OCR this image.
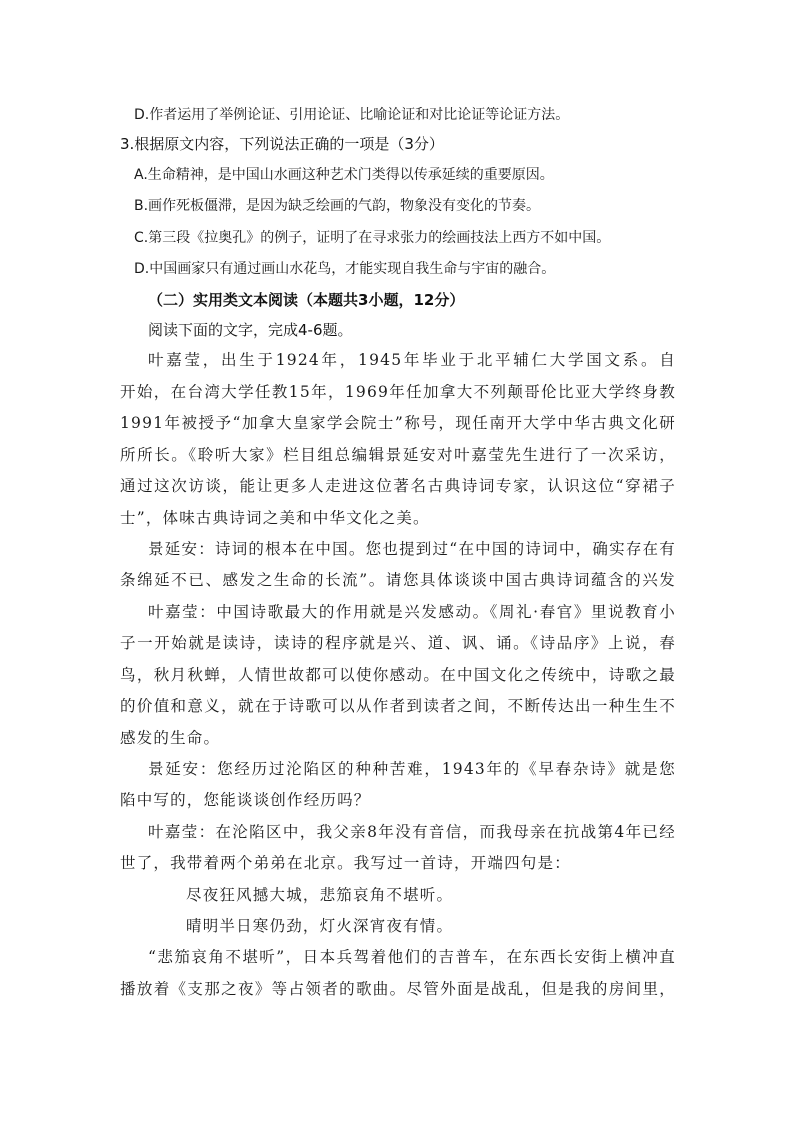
D.作者运用了举例论证、引用论证、比喻论证和对比论证等论证方法。
3.根据原文内容，下列说法正确的一项是（3分）
A.生命精神，是中国山水画这种艺术门类得以传承延续的重要原因。
B.画作死板僵滞，是因为缺乏绘画的气韵，物象没有变化的节奏。
C.第三段《拉奥孔》的例子，证明了在寻求张力的绘画技法上西方不如中国。
D.中国画家只有通过画山水花鸟，才能实现自我生命与宇宙的融合。
（二）实用类文本阅读（本题共3小题，12分）
阅读下面的文字，完成4-6题。
叶嘉莹，出生于1924年，1945年毕业于北平辅仁大学国文系。自
开始，在台湾大学任教15年，1969年任加拿大不列颠哥伦比亚大学终身教
1991年被授予“加拿大皇家学会院士”称号，现任南开大学中华古典文化研
所所长。《聆听大家》栏目组总编辑景延安对叶嘉莹先生进行了一次采访，
通过这次访谈，能让更多人走进这位著名古典诗词专家，认识这位“穿裙子
士”，体味古典诗词之美和中华文化之美。
景延安：诗词的根本在中国。您也提到过“在中国的诗词中，确实存在有
条绵延不已、感发之生命的长流”。请您具体谈谈中国古典诗词蕴含的兴发
叶嘉莹：中国诗歌最大的作用就是兴发感动。《周礼·春官》里说教育小
子一开始就是读诗，读诗的程序就是兴、道、讽、诵。《诗品序》上说，春
鸟，秋月秋蝉，人情世故都可以使你感动。在中国文化之传统中，诗歌之最
的价值和意义，就在于诗歌可以从作者到读者之间，不断传达出一种生生不
感发的生命。
景延安：您经历过沦陷区的种种苦难，1943年的《早春杂诗》就是您
陷中写的，您能谈谈创作经历吗？
叶嘉莹：在沦陷区中，我父亲8年没有音信，而我母亲在抗战第4年已经
世了，我带着两个弟弟在北京。我写过一首诗，开端四句是：
尽夜狂风撼大城，悲笳哀角不堪听。
晴明半日寒仍劲，灯火深宵夜有情。
“悲笳哀角不堪听”，日本兵驾着他们的吉普车，在东西长安街上横冲直
播放着《支那之夜》等占领者的歌曲。尽管外面是战乱，但是我的房间里，
